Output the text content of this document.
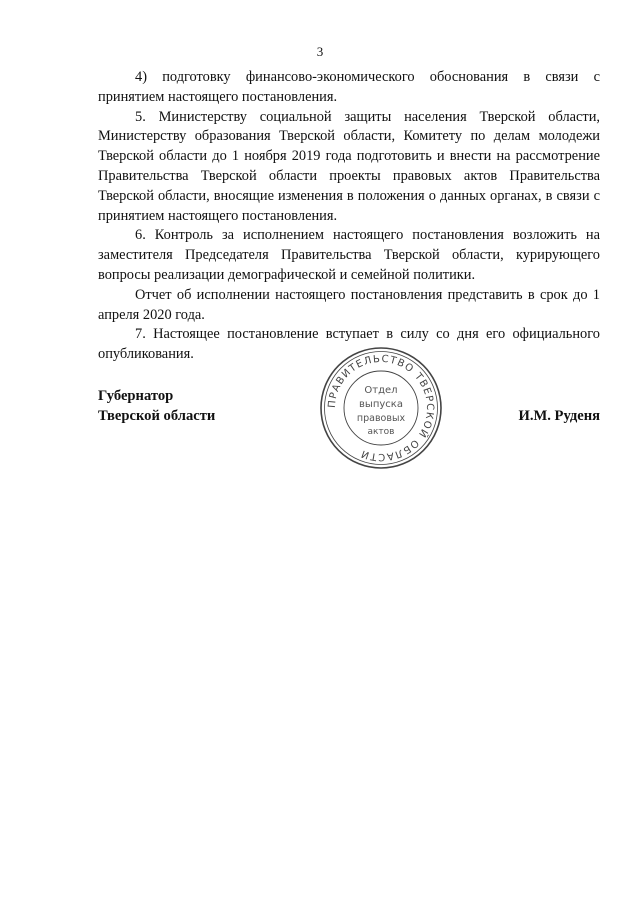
3

4) подготовку финансово-экономического обоснования в связи с принятием настоящего постановления.

5. Министерству социальной защиты населения Тверской области, Министерству образования Тверской области, Комитету по делам молодежи Тверской области до 1 ноября 2019 года подготовить и внести на рассмотрение Правительства Тверской области проекты правовых актов Правительства Тверской области, вносящие изменения в положения о данных органах, в связи с принятием настоящего постановления.

6. Контроль за исполнением настоящего постановления возложить на заместителя Председателя Правительства Тверской области, курирующего вопросы реализации демографической и семейной политики.

Отчет об исполнении настоящего постановления представить в срок до 1 апреля 2020 года.

7. Настоящее постановление вступает в силу со дня его официального опубликования.

Губернатор
Тверской области	И.М. Руденя
ПРАВИТЕЛЬСТВО ТВЕРСКОЙ ОБЛАСТИ
Отдел
выпуска
правовых
актов
